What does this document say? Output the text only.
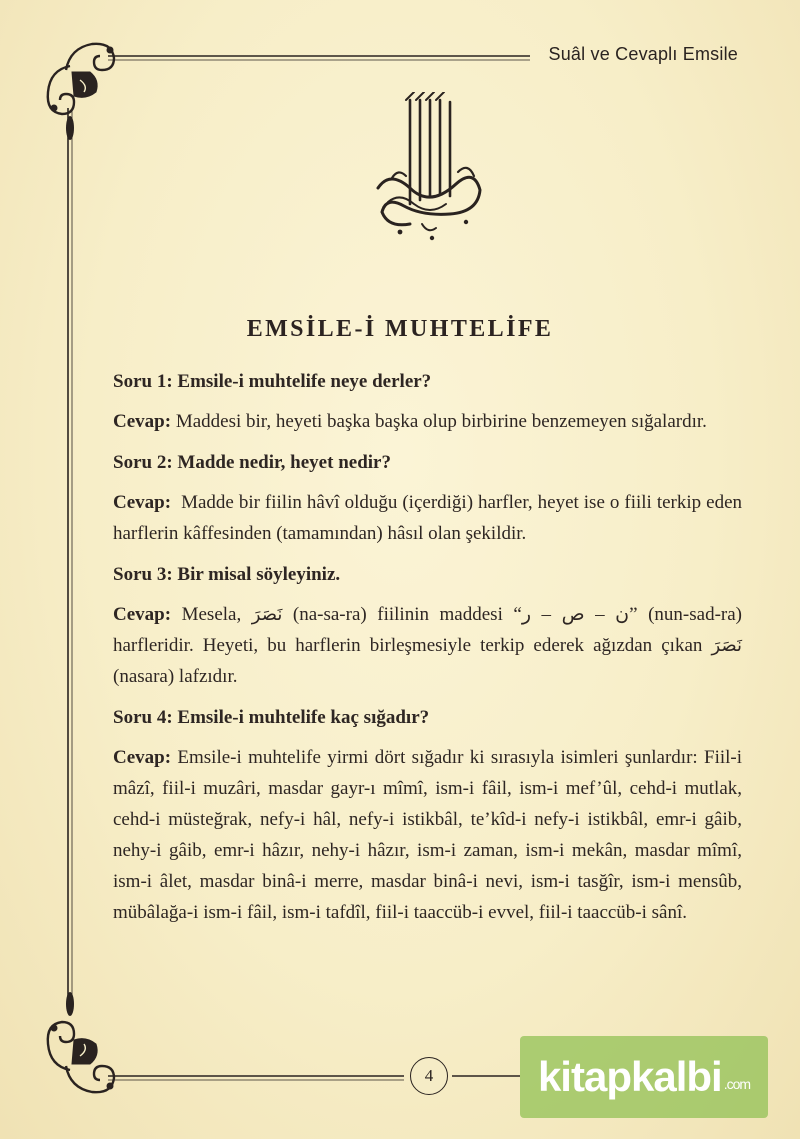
Suâl ve Cevaplı Emsile
EMSİLE-İ MUHTELİFE

Soru 1: Emsile-i muhtelife neye derler?

Cevap: Maddesi bir, heyeti başka başka olup birbirine benzemeyen sığalardır.

Soru 2: Madde nedir, heyet nedir?

Cevap: Madde bir fiilin hâvî olduğu (içerdiği) harfler, heyet ise o fiili terkip eden harflerin kâffesinden (tamamından) hâsıl olan şekildir.

Soru 3: Bir misal söyleyiniz.

Cevap: Mesela, نَصَرَ (na-sa-ra) fiilinin maddesi “ن – ص – ر” (nun-sad-ra) harfleridir. Heyeti, bu harflerin birleşmesiyle terkip ederek ağızdan çıkan نَصَرَ (nasara) lafzıdır.

Soru 4: Emsile-i muhtelife kaç sığadır?

Cevap: Emsile-i muhtelife yirmi dört sığadır ki sırasıyla isimleri şunlardır: Fiil-i mâzî, fiil-i muzâri, masdar gayr-ı mîmî, ism-i fâil, ism-i mef’ûl, cehd-i mutlak, cehd-i müsteğrak, nefy-i hâl, nefy-i istikbâl, te’kîd-i nefy-i istikbâl, emr-i gâib, nehy-i gâib, emr-i hâzır, nehy-i hâzır, ism-i zaman, ism-i mekân, masdar mîmî, ism-i âlet, masdar binâ-i merre, masdar binâ-i nevi, ism-i tasğîr, ism-i mensûb, mübâlağa-i ism-i fâil, ism-i tafdîl, fiil-i taaccüb-i evvel, fiil-i taaccüb-i sânî.

4	kitapkalbi .com
